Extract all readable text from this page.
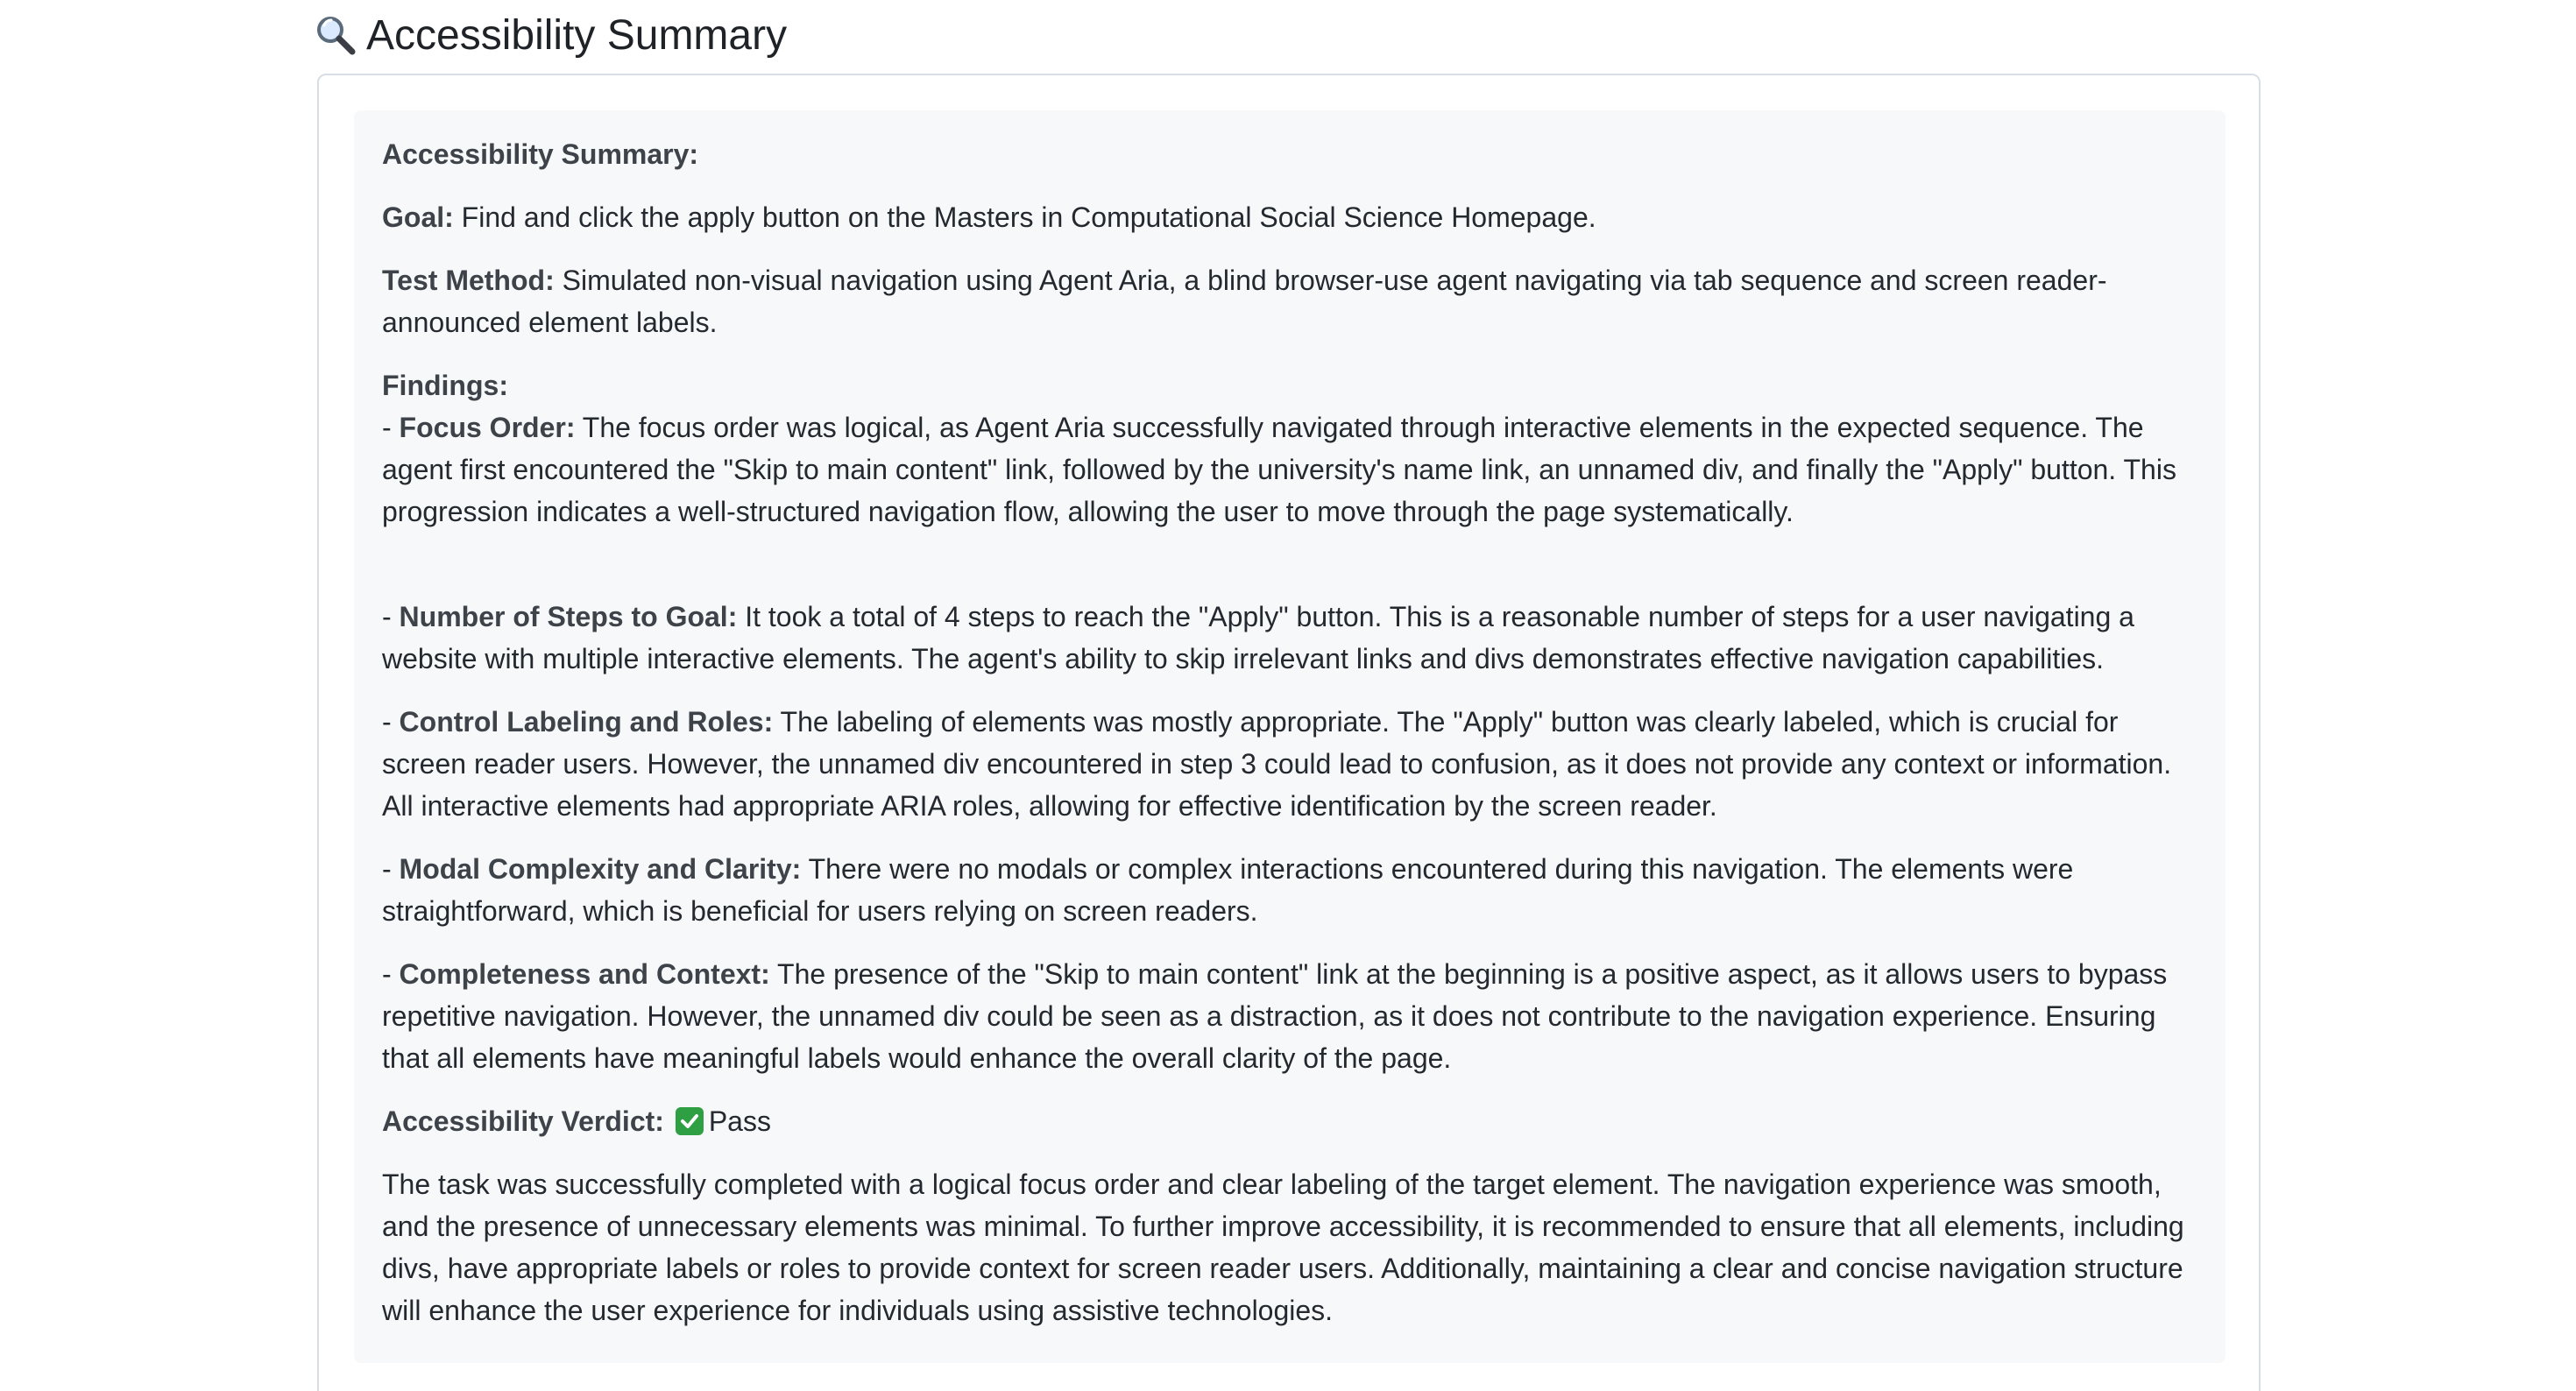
Accessibility Summary

Accessibility Summary:

Goal: Find and click the apply button on the Masters in Computational Social Science Homepage.

Test Method: Simulated non-visual navigation using Agent Aria, a blind browser-use agent navigating via tab sequence and screen reader-announced element labels.

Findings:

- Focus Order: The focus order was logical, as Agent Aria successfully navigated through interactive elements in the expected sequence. The agent first encountered the "Skip to main content" link, followed by the university's name link, an unnamed div, and finally the "Apply" button. This progression indicates a well-structured navigation flow, allowing the user to move through the page systematically.

- Number of Steps to Goal: It took a total of 4 steps to reach the "Apply" button. This is a reasonable number of steps for a user navigating a website with multiple interactive elements. The agent's ability to skip irrelevant links and divs demonstrates effective navigation capabilities.

- Control Labeling and Roles: The labeling of elements was mostly appropriate. The "Apply" button was clearly labeled, which is crucial for screen reader users. However, the unnamed div encountered in step 3 could lead to confusion, as it does not provide any context or information. All interactive elements had appropriate ARIA roles, allowing for effective identification by the screen reader.

- Modal Complexity and Clarity: There were no modals or complex interactions encountered during this navigation. The elements were straightforward, which is beneficial for users relying on screen readers.

- Completeness and Context: The presence of the "Skip to main content" link at the beginning is a positive aspect, as it allows users to bypass repetitive navigation. However, the unnamed div could be seen as a distraction, as it does not contribute to the navigation experience. Ensuring that all elements have meaningful labels would enhance the overall clarity of the page.

Accessibility Verdict: Pass

The task was successfully completed with a logical focus order and clear labeling of the target element. The navigation experience was smooth, and the presence of unnecessary elements was minimal. To further improve accessibility, it is recommended to ensure that all elements, including divs, have appropriate labels or roles to provide context for screen reader users. Additionally, maintaining a clear and concise navigation structure will enhance the user experience for individuals using assistive technologies.
